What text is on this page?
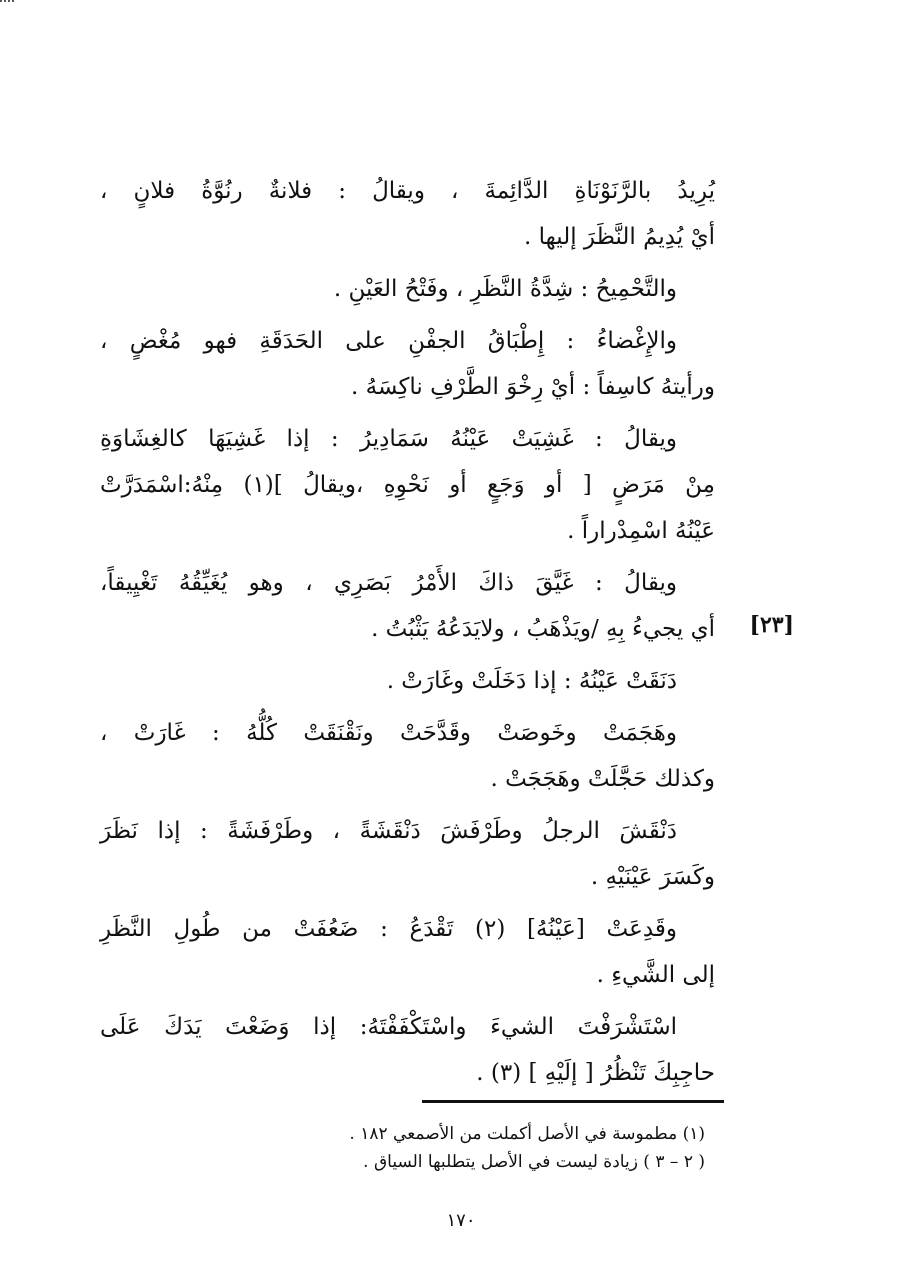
يُرِيدُ بالرَّنَوْنَاةِ الدَّائِمةَ ، ويقالُ : فلانةٌ رنُوَّةُ فلانٍ ،
أيْ يُدِيمُ النَّظَرَ إليها .

والتَّحْمِيحُ : شِدَّةُ النَّظَرِ ، وفَتْحُ العَيْنِ .

والإِغْضاءُ : إِطْبَاقُ الجفْنِ على الحَدَقَةِ فهو مُغْضٍ ،
ورأيتهُ كاسِفاً : أيْ رِخْوَ الطَّرْفِ ناكِسَهُ .

ويقالُ : غَشِيَتْ عَيْنُهُ سَمَادِيرُ : إذا غَشِيَهَا كالغِشَاوَةِ
مِنْ مَرَضٍ [ أو وَجَعٍ أو نَحْوِهِ ،ويقالُ ](١) مِنْهُ:اسْمَدَرَّتْ
عَيْنُهُ اسْمِدْراراً .

ويقالُ : غَيَّقَ ذاكَ الأَمْرُ بَصَرِي ، وهو يُغَيِّقُهُ تَغْيِيقاً،
أي يجيءُ بِهِ /ويَذْهَبُ ، ولايَدَعُهُ يَثْبُتُ .

دَنَقَتْ عَيْنُهُ : إذا دَخَلَتْ وغَارَتْ .

وهَجَمَتْ وخَوصَتْ وقَدَّحَتْ ونَقْنَقَتْ كُلُّهُ : غَارَتْ ،
وكذلك حَجَّلَتْ وهَجَجَتْ .

دَنْقَشَ الرجلُ وطَرْفَشَ دَنْقَشَةً ، وطَرْفَشَةً : إذا نَظَرَ
وكَسَرَ عَيْنَيْهِ .

وقَدِعَتْ [عَيْنُهُ] (٢) تَقْدَعُ : ضَعُفَتْ من طُولِ النَّظَرِ
إلى الشَّيءِ .

اسْتَشْرَفْتَ الشيءَ واسْتَكْفَفْتَهُ: إذا وَضَعْتَ يَدَكَ عَلَى
حاجِبِكَ تَنْظُرُ [ إلَيْهِ ] (٣) .

[٢٣]
(١) مطموسة في الأصل أكملت من الأصمعي ١٨٢ .
( ٢ – ٣ ) زيادة ليست في الأصل يتطلبها السياق .
١٧٠
